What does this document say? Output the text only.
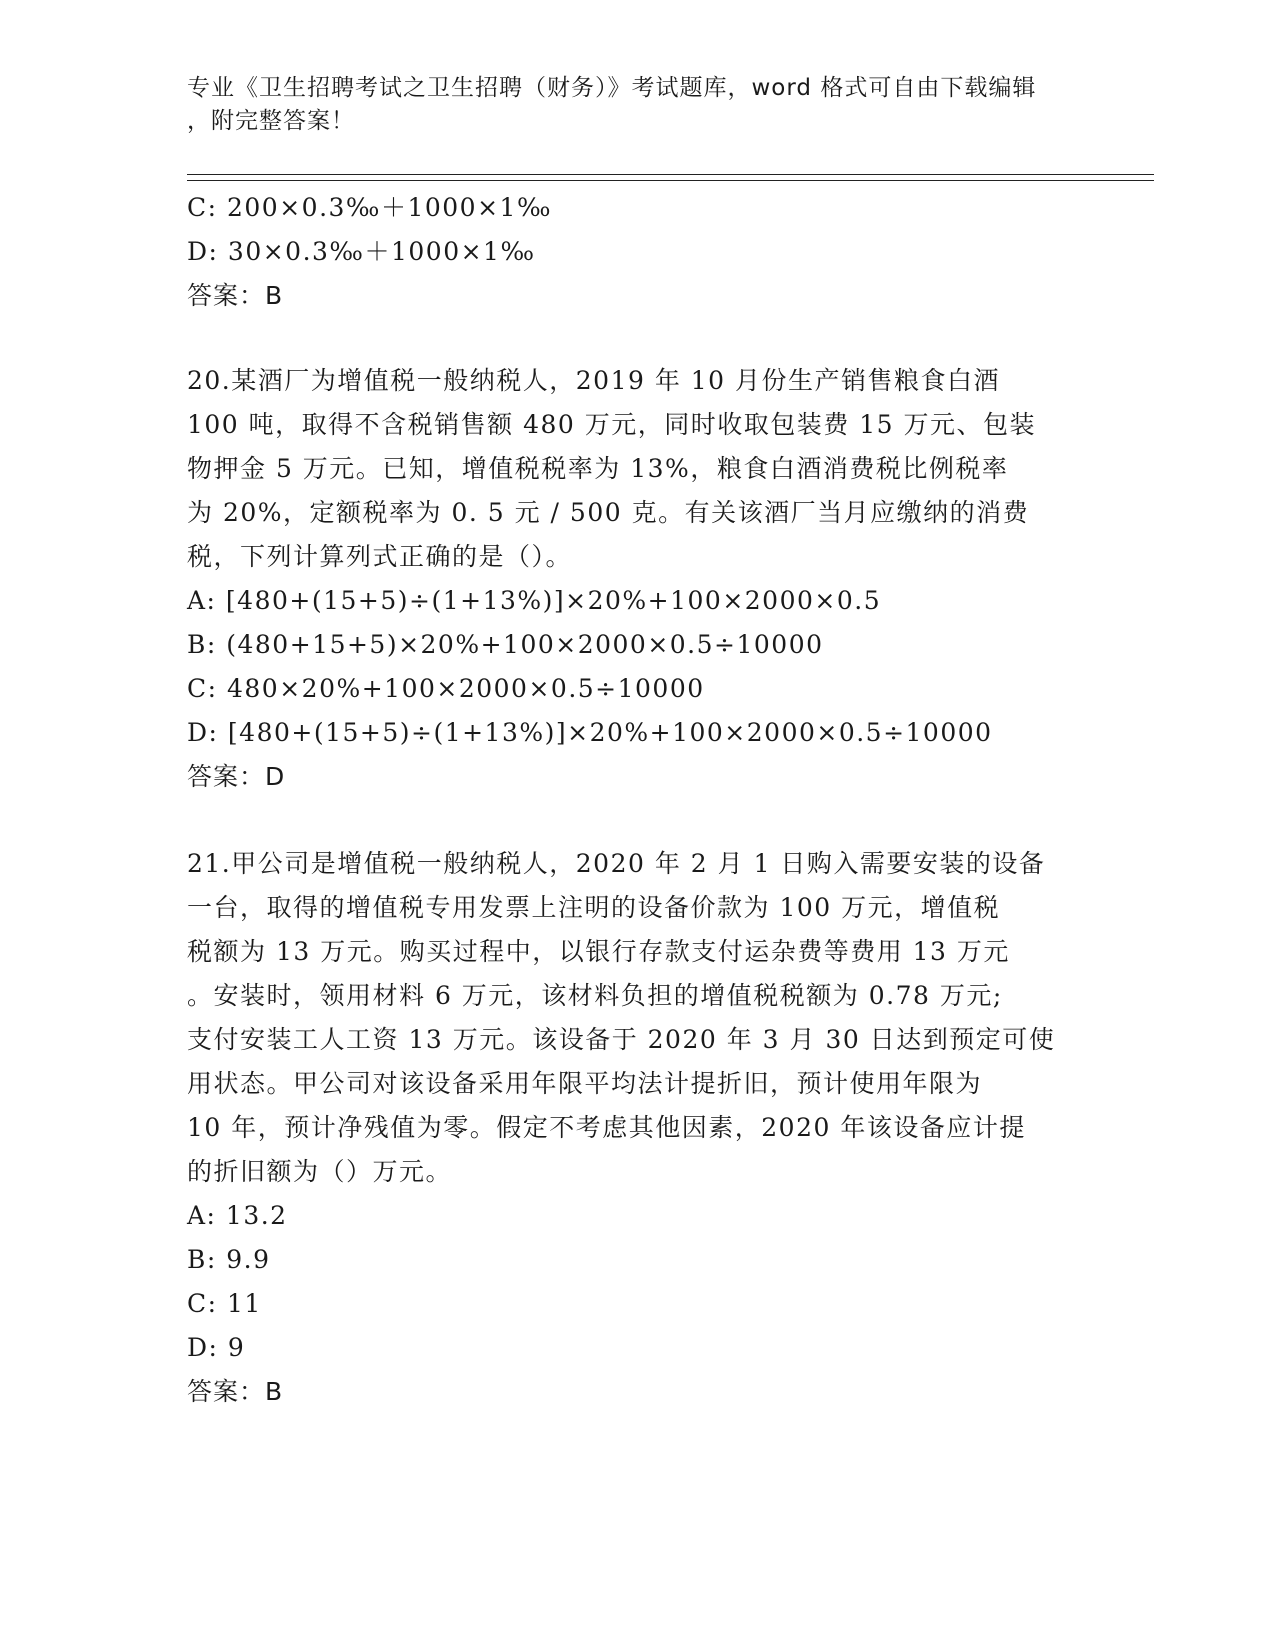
专业《卫生招聘考试之卫生招聘（财务）》考试题库，word 格式可自由下载编辑
，附完整答案！
C: 200×0.3‰＋1000×1‰
D: 30×0.3‰＋1000×1‰
答案：B
20.某酒厂为增值税一般纳税人，2019 年 10 月份生产销售粮食白酒
100 吨，取得不含税销售额 480 万元，同时收取包装费 15 万元、包装
物押金 5 万元。已知，增值税税率为 13%，粮食白酒消费税比例税率
为 20%，定额税率为 0. 5 元 / 500 克。有关该酒厂当月应缴纳的消费
税，下列计算列式正确的是（）。
A: [480+(15+5)÷(1+13%)]×20%+100×2000×0.5
B: (480+15+5)×20%+100×2000×0.5÷10000
C: 480×20%+100×2000×0.5÷10000
D: [480+(15+5)÷(1+13%)]×20%+100×2000×0.5÷10000
答案：D
21.甲公司是增值税一般纳税人，2020 年 2 月 1 日购入需要安装的设备
一台，取得的增值税专用发票上注明的设备价款为 100 万元，增值税
税额为 13 万元。购买过程中，以银行存款支付运杂费等费用 13 万元
。安装时，领用材料 6 万元，该材料负担的增值税税额为 0.78 万元;
支付安装工人工资 13 万元。该设备于 2020 年 3 月 30 日达到预定可使
用状态。甲公司对该设备采用年限平均法计提折旧，预计使用年限为
10 年，预计净残值为零。假定不考虑其他因素，2020 年该设备应计提
的折旧额为（）万元。
A: 13.2
B: 9.9
C: 11
D: 9
答案：B
